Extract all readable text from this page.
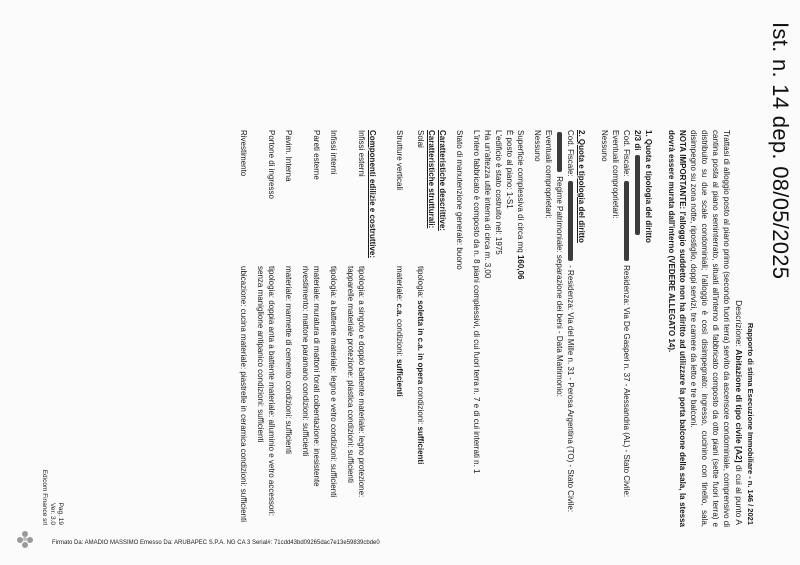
Ist. n. 14 dep. 08/05/2025
Rapporto di stima Esecuzione Immobiliare - n. 146 / 2021
Descrizione: Abitazione di tipo civile [A2] di cui al punto A

Trattasi di alloggio posto al piano primo (secondo fuori terra) servito da ascensore condominiale, comprensivo di cantina posta al piano seminterrato, situati all'interno di fabbricato composto da otto piani (sette fuori terra) e distribuito su due scale condominiali; l'alloggio è così disimpegnato: ingresso, cucinino con tinello, sala, disimpegno su zona notte, ripostiglio, doppi servizi, tre camere da letto e tre balconi.

NOTA IMPORTANTE: l'alloggio suddetto non ha diritto ad utilizzare la porta balcone della sala, la stessa dovrà essere murata dall'interno (VEDERE ALLEGATO 14).

1. Quota e tipologia del diritto
2/3 di
Cod. Fiscale:  Residenza: Via De Gasperi n. 37 - Alessandria (AL) - Stato Civile:
Eventuali comproprietari:
Nessuno
2. Quota e tipologia del diritto
Cod. Fiscale:  - Residenza: Via del Mille n. 31 - Perosa Argentina (TO) - Stato Civile:
Regime Patrimoniale: separazione dei beni - Data Matrimonio:
Eventuali comproprietari:
Nessuno
Superficie complessiva di circa mq 160,06
È posto al piano: 1-S1
L'edificio è stato costruito nel: 1975
Ha un'altezza utile interna di circa m. 3,00
L'intero fabbricato è composto da n. 8 piani complessivi, di cui fuori terra n. 7 e di cui interrati n. 1
Stato di manutenzione generale: buono
Caratteristiche descrittive:
Caratteristiche strutturali:
Solai
tipologia: soletta in c.a. in opera condizioni: sufficienti
Strutture verticali
materiale: c.a. condizioni: sufficienti
Componenti edilizie e costruttive:
Infissi esterni
tipologia: a singolo e doppio battente materiale: legno protezione: tapparelle materiale protezione: plastica condizioni: sufficienti
Infissi interni
tipologia: a battente materiale: legno e vetro condizioni: sufficienti
Pareti esterne
materiale: muratura di mattoni forati coibentazione: inesistente rivestimento: mattone paramano condizioni: sufficienti
Pavim. Interna
materiale: marmette di cemento condizioni: sufficienti
Portone di ingresso
tipologia: doppia anta a battente materiale: alluminio e vetro accessori: senza maniglione antipanico condizioni: sufficienti
Rivestimento
ubicazione: cucina materiale: piastrelle in ceramica condizioni: sufficienti
Pag. 19
Ver. 3.0
Edicom Finance srl
Firmato Da: AMADIO MASSIMO Emesso Da: ARUBAPEC S.P.A. NG CA 3 Serial#: 71cdd43bd09265dac7e13e59839cbde0
